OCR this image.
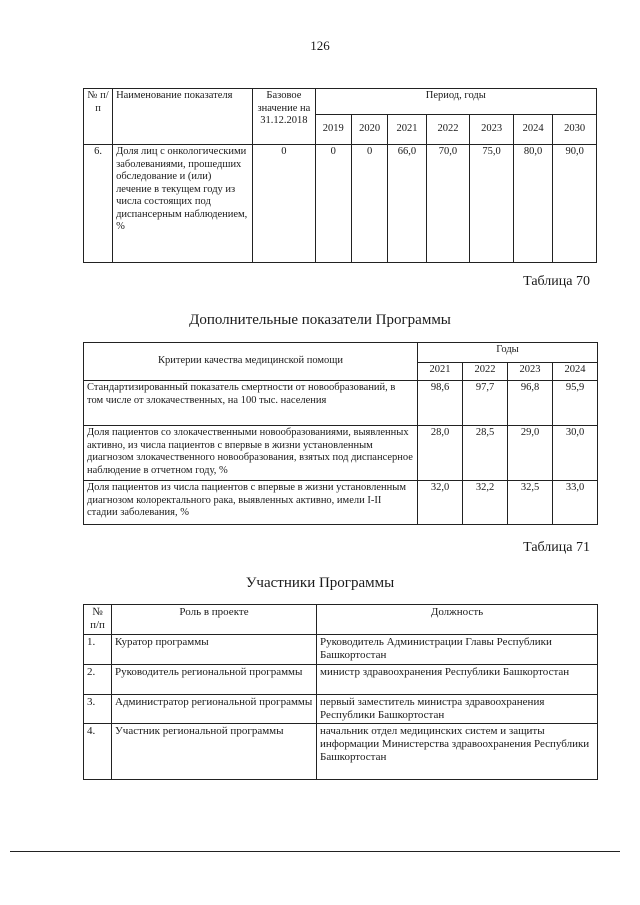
126
№ п/п	Наименование показателя	Базовое значение на 31.12.2018	Период, годы						
			2019	2020	2021	2022	2023	2024	2030
6.	Доля лиц с онкологическими заболеваниями, прошедших обследование и (или) лечение в текущем году из числа состоящих под диспансерным наблюдением, %	0	0	0	66,0	70,0	75,0	80,0	90,0
Таблица 70
Дополнительные показатели Программы
Критерии качества медицинской помощи	Годы			
	2021	2022	2023	2024
Стандартизированный показатель смертности от новообразований, в том числе от злокачественных, на 100 тыс. населения	98,6	97,7	96,8	95,9
Доля пациентов со злокачественными новообразованиями, выявленных активно, из числа пациентов с впервые в жизни установленным диагнозом злокачественного новообразования, взятых под диспансерное наблюдение в отчетном году, %	28,0	28,5	29,0	30,0
Доля пациентов из числа пациентов с впервые в жизни установленным диагнозом колоректального рака, выявленных активно, имели I-II стадии заболевания, %	32,0	32,2	32,5	33,0
Таблица 71
Участники Программы
№ п/п	Роль в проекте	Должность
1.	Куратор программы	Руководитель Администрации Главы Республики Башкортостан
2.	Руководитель региональной программы	министр здравоохранения Республики Башкортостан
3.	Администратор региональной программы	первый заместитель министра здравоохранения Республики Башкортостан
4.	Участник региональной программы	начальник отдел медицинских систем и защиты информации Министерства здравоохранения Республики Башкортостан
